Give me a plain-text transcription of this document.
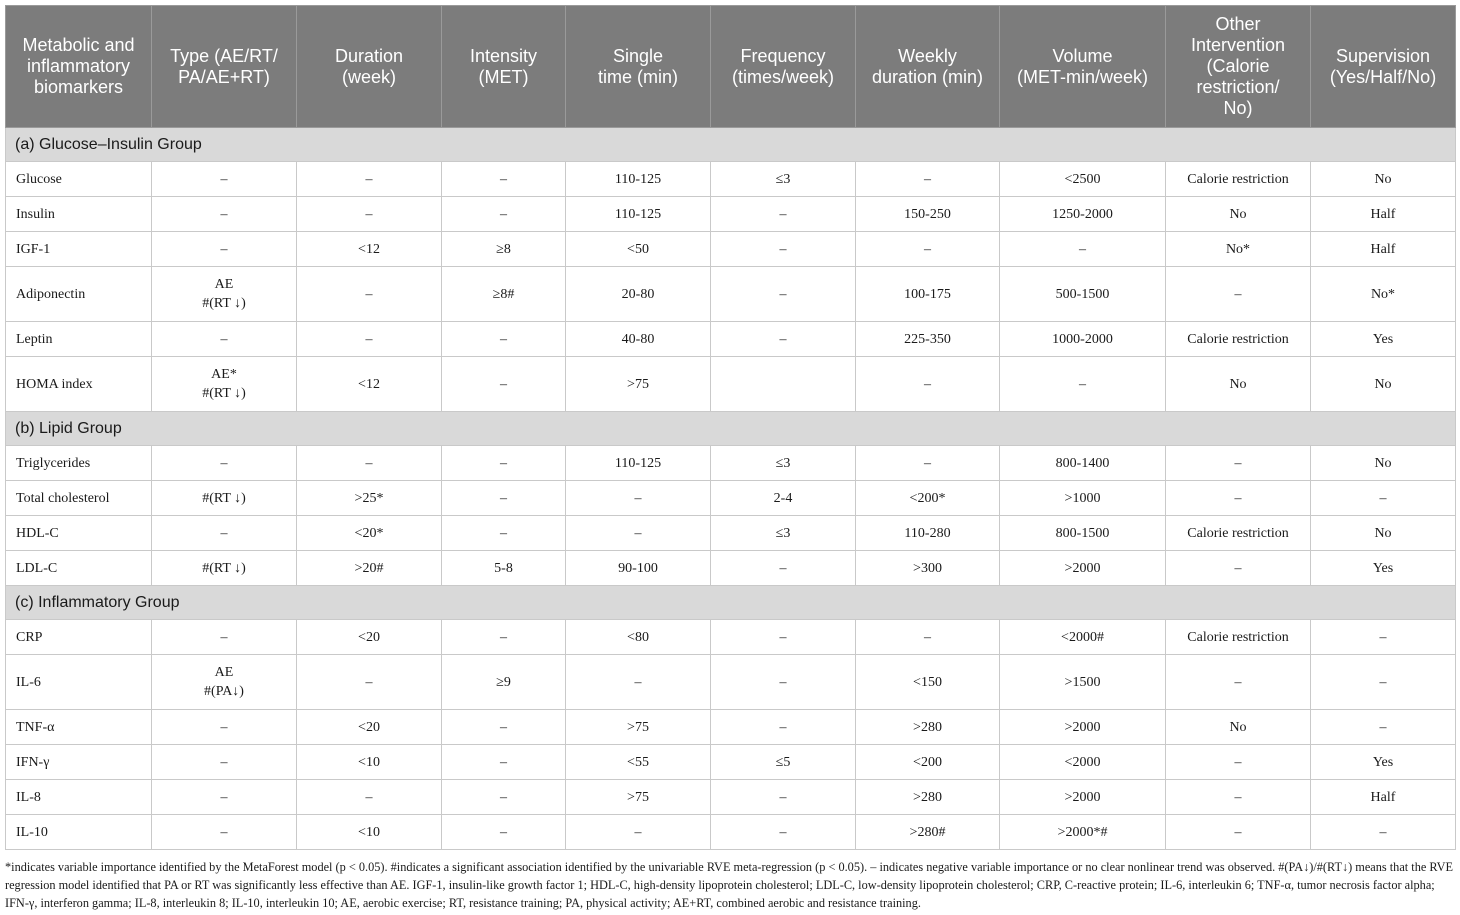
Metabolic and
inflammatory
biomarkers	Type (AE/RT/
PA/AE+RT)	Duration
(week)	Intensity
(MET)	Single
time (min)	Frequency
(times/week)	Weekly
duration (min)	Volume
(MET-min/week)	Other
Intervention
(Calorie
restriction/
No)	Supervision
(Yes/Half/No)

(a) Glucose–Insulin Group									

Glucose	–	–	–	110-125	≤3	–	<2500	Calorie restriction	No

Insulin	–	–	–	110-125	–	150-250	1250-2000	No	Half

IGF-1	–	<12	≥8	<50	–	–	–	No*	Half

Adiponectin	AE
#(RT ↓)	–	≥8#	20-80	–	100-175	500-1500	–	No*

Leptin	–	–	–	40-80	–	225-350	1000-2000	Calorie restriction	Yes

HOMA index	AE*
#(RT ↓)	<12	–	>75		–	–	No	No

(b) Lipid Group									

Triglycerides	–	–	–	110-125	≤3	–	800-1400	–	No

Total cholesterol	#(RT ↓)	>25*	–	–	2-4	<200*	>1000	–	–

HDL-C	–	<20*	–	–	≤3	110-280	800-1500	Calorie restriction	No

LDL-C	#(RT ↓)	>20#	5-8	90-100	–	>300	>2000	–	Yes

(c) Inflammatory Group									

CRP	–	<20	–	<80	–	–	<2000#	Calorie restriction	–

IL-6	AE
#(PA↓)	–	≥9	–	–	<150	>1500	–	–

TNF-α	–	<20	–	>75	–	>280	>2000	No	–

IFN-γ	–	<10	–	<55	≤5	<200	<2000	–	Yes

IL-8	–	–	–	>75	–	>280	>2000	–	Half

IL-10	–	<10	–	–	–	>280#	>2000*#	–	–

*indicates variable importance identified by the MetaForest model (p < 0.05). #indicates a significant association identified by the univariable RVE meta-regression (p < 0.05). – indicates negative variable importance or no clear nonlinear trend was observed. #(PA↓)/#(RT↓) means that the RVE regression model identified that PA or RT was significantly less effective than AE. IGF-1, insulin-like growth factor 1; HDL-C, high-density lipoprotein cholesterol; LDL-C, low-density lipoprotein cholesterol; CRP, C-reactive protein; IL-6, interleukin 6; TNF-α, tumor necrosis factor alpha; IFN-γ, interferon gamma; IL-8, interleukin 8; IL-10, interleukin 10; AE, aerobic exercise; RT, resistance training; PA, physical activity; AE+RT, combined aerobic and resistance training.
